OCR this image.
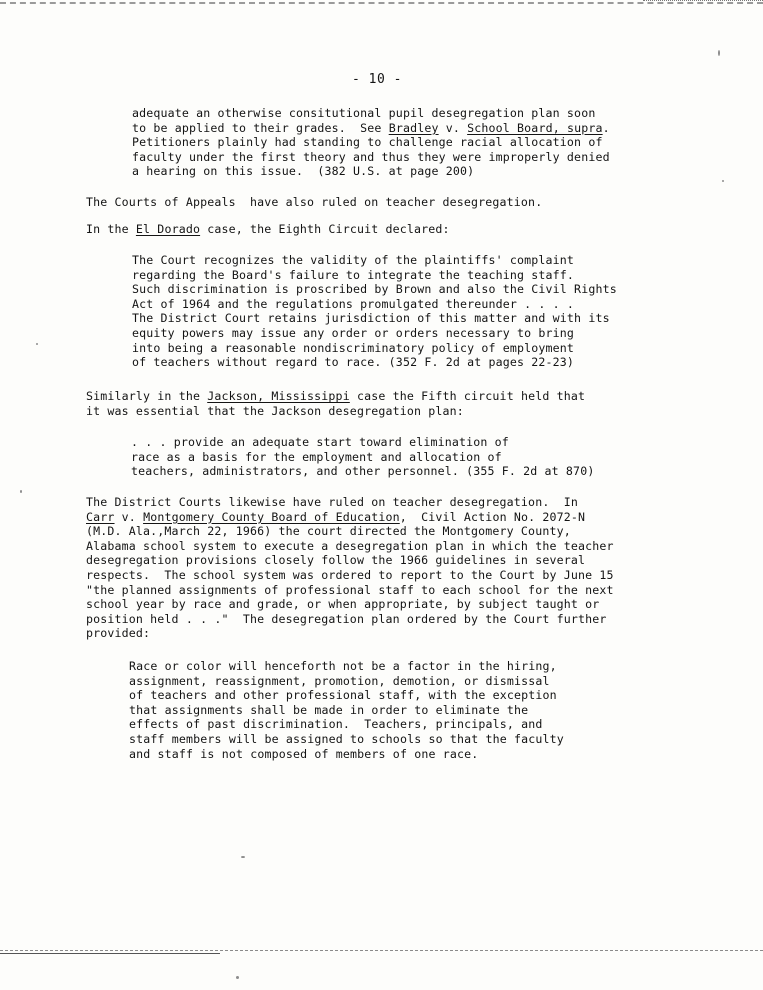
- 10 -
adequate an otherwise consitutional pupil desegregation plan soon
to be applied to their grades.  See Bradley v. School Board, supra.
Petitioners plainly had standing to challenge racial allocation of
faculty under the first theory and thus they were improperly denied
a hearing on this issue.  (382 U.S. at page 200)
The Courts of Appeals  have also ruled on teacher desegregation.
In the El Dorado case, the Eighth Circuit declared:
The Court recognizes the validity of the plaintiffs' complaint
regarding the Board's failure to integrate the teaching staff.
Such discrimination is proscribed by Brown and also the Civil Rights
Act of 1964 and the regulations promulgated thereunder . . . .
The District Court retains jurisdiction of this matter and with its
equity powers may issue any order or orders necessary to bring
into being a reasonable nondiscriminatory policy of employment
of teachers without regard to race. (352 F. 2d at pages 22-23)
Similarly in the Jackson, Mississippi case the Fifth circuit held that
it was essential that the Jackson desegregation plan:
. . . provide an adequate start toward elimination of
race as a basis for the employment and allocation of
teachers, administrators, and other personnel. (355 F. 2d at 870)
The District Courts likewise have ruled on teacher desegregation.  In
Carr v. Montgomery County Board of Education,  Civil Action No. 2072-N
(M.D. Ala.,March 22, 1966) the court directed the Montgomery County,
Alabama school system to execute a desegregation plan in which the teacher
desegregation provisions closely follow the 1966 guidelines in several
respects.  The school system was ordered to report to the Court by June 15
"the planned assignments of professional staff to each school for the next
school year by race and grade, or when appropriate, by subject taught or
position held . . ."  The desegregation plan ordered by the Court further
provided:
Race or color will henceforth not be a factor in the hiring,
assignment, reassignment, promotion, demotion, or dismissal
of teachers and other professional staff, with the exception
that assignments shall be made in order to eliminate the
effects of past discrimination.  Teachers, principals, and
staff members will be assigned to schools so that the faculty
and staff is not composed of members of one race.
